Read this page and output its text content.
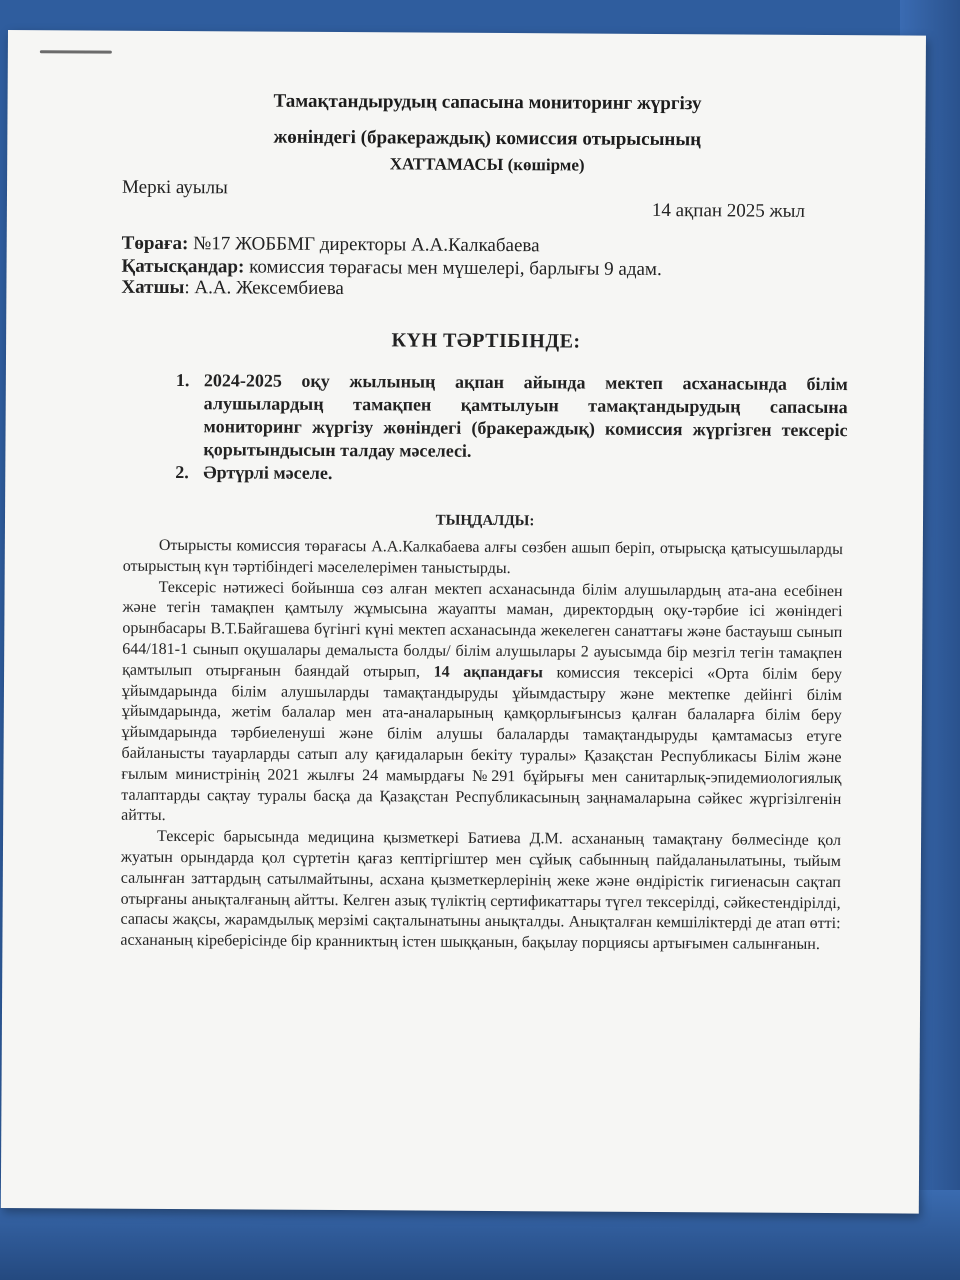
Тамақтандырудың сапасына мониторинг жүргізу
жөніндегі (бракераждық) комиссия отырысының
ХАТТАМАСЫ (көшірме)
Меркі ауылы
14 ақпан 2025 жыл
Төраға: №17 ЖОББМГ директоры А.А.Калкабаева
Қатысқандар: комиссия төрағасы мен мүшелері, барлығы 9 адам.
Хатшы: А.А. Жексембиева
КҮН ТӘРТІБІНДЕ:
1. 2024-2025 оқу жылының ақпан айында мектеп асханасында білім алушылардың тамақпен қамтылуын тамақтандырудың сапасына мониторинг жүргізу жөніндегі (бракераждық) комиссия жүргізген тексеріс қорытындысын талдау мәселесі.
2. Әртүрлі мәселе.
ТЫҢДАЛДЫ:

Отырысты комиссия төрағасы А.А.Калкабаева алғы сөзбен ашып беріп, отырысқа қатысушыларды отырыстың күн тәртібіндегі мәселелерімен таныстырды.

Тексеріс нәтижесі бойынша сөз алған мектеп асханасында білім алушылардың ата-ана есебінен және тегін тамақпен қамтылу жұмысына жауапты маман, директордың оқу-тәрбие ісі жөніндегі орынбасары В.Т.Байгашева бүгінгі күні мектеп асханасында жекелеген санаттағы және бастауыш сынып 644/181-1 сынып оқушалары демалыста болды/ білім алушылары 2 ауысымда бір мезгіл тегін тамақпен қамтылып отырғанын баяндай отырып, 14 ақпандағы комиссия тексерісі «Орта білім беру ұйымдарында білім алушыларды тамақтандыруды ұйымдастыру және мектепке дейінгі білім ұйымдарында, жетім балалар мен ата-аналарының қамқорлығынсыз қалған балаларға білім беру ұйымдарында тәрбиеленуші және білім алушы балаларды тамақтандыруды қамтамасыз етуге байланысты тауарларды сатып алу қағидаларын бекіту туралы» Қазақстан Республикасы Білім және ғылым министрінің 2021 жылғы 24 мамырдағы №291 бұйрығы мен санитарлық-эпидемиологиялық талаптарды сақтау туралы басқа да Қазақстан Республикасының заңнамаларына сәйкес жүргізілгенін айтты.

Тексеріс барысында медицина қызметкері Батиева Д.М. асхананың тамақтану бөлмесінде қол жуатын орындарда қол сүртетін қағаз кептіргіштер мен сұйық сабынның пайдаланылатыны, тыйым салынған заттардың сатылмайтыны, асхана қызметкерлерінің жеке және өндірістік гигиенасын сақтап отырғаны анықталғаның айтты. Келген азық түліктің сертификаттары түгел тексерілді, сәйкестендірілді, сапасы жақсы, жарамдылық мерзімі сақталынатыны анықталды. Анықталған кемшіліктерді де атап өтті: асхананың кіреберісінде бір кранниктың істен шыққанын, бақылау порциясы артығымен салынғанын.
